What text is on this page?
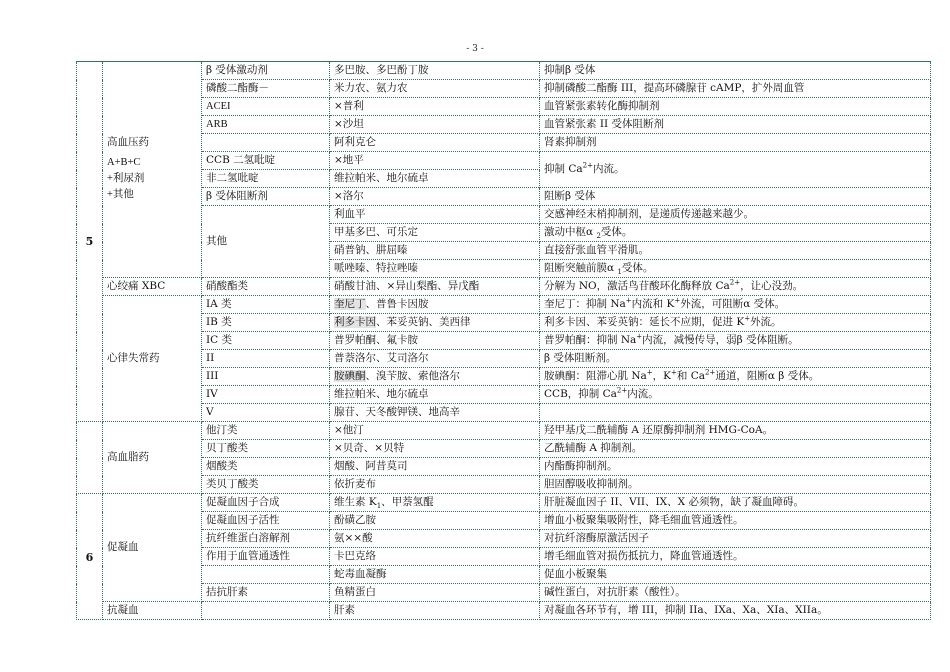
- 3 -
5	高血压药
A+B+C
+利尿剂
+其他	β 受体激动剂	多巴胺、多巴酚丁胺	抑制β 受体
		磷酸二酯酶－	米力农、氨力农	抑制磷酸二酯酶 III，提高环磷腺苷 cAMP，扩外周血管
		ACEI	×普利	血管紧张素转化酶抑制剂
		ARB	×沙坦	血管紧张素 II 受体阻断剂
			阿利克仑	肾素抑制剂
		CCB 二氢吡啶	×地平	抑制 $Ca^{2+}$内流。
		非二氢吡啶	维拉帕米、地尔硫卓	
		β 受体阻断剂	×洛尔	阻断β 受体
		其他	利血平	交感神经末梢抑制剂，是递质传递越来越少。
			甲基多巴、可乐定	激动中枢α $_2$受体。
			硝普钠、肼屈嗪	直接舒张血管平滑肌。
			哌唑嗪、特拉唑嗪	阻断突触前膜α $_1$受体。
	心绞痛 XBC	硝酸酯类	硝酸甘油、×异山梨酯、异戊酯	分解为 NO，激活鸟苷酸环化酶释放 $Ca^{2+}$，让心没劲。
	心律失常药	IA 类	奎尼丁、普鲁卡因胺	奎尼丁：抑制 Na+内流和 K+外流，可阻断α 受体。
		IB 类	利多卡因、苯妥英钠、美西律	利多卡因、苯妥英钠：延长不应期，促进 K+外流。
		IC 类	普罗帕酮、氟卡胺	普罗帕酮：抑制 Na+内流，减慢传导，弱β 受体阻断。
		II	普萘洛尔、艾司洛尔	β 受体阻断剂。
		III	胺碘酮、溴苄胺、索他洛尔	胺碘酮：阻滞心肌 Na+，K+和 $Ca^{2+}$通道，阻断α β 受体。
		IV	维拉帕米、地尔硫卓	CCB，抑制 $Ca^{2+}$内流。
		V	腺苷、天冬酸钾镁、地高辛	
	高血脂药	他汀类	×他汀	羟甲基戊二酰辅酶 A 还原酶抑制剂 HMG-CoA。
		贝丁酸类	×贝奇、×贝特	乙酰辅酶 A 抑制剂。
		烟酸类	烟酸、阿昔莫司	内酯酶抑制剂。
		类贝丁酸类	依折麦布	胆固醇吸收抑制剂。
6	促凝血	促凝血因子合成	维生素 $K_1$、甲萘氢醌	肝脏凝血因子 II、VII、IX、X 必须物，缺了凝血障碍。
		促凝血因子活性	酚磺乙胺	增血小板聚集吸附性，降毛细血管通透性。
		抗纤维蛋白溶解剂	氨××酸	对抗纤溶酶原激活因子
		作用于血管通透性	卡巴克络	增毛细血管对损伤抵抗力，降血管通透性。
			蛇毒血凝酶	促血小板聚集
		拮抗肝素	鱼精蛋白	碱性蛋白，对抗肝素（酸性）。
	抗凝血		肝素	对凝血各环节有，增 III，抑制 IIa、IXa、Xa、XIa、XIIa。
